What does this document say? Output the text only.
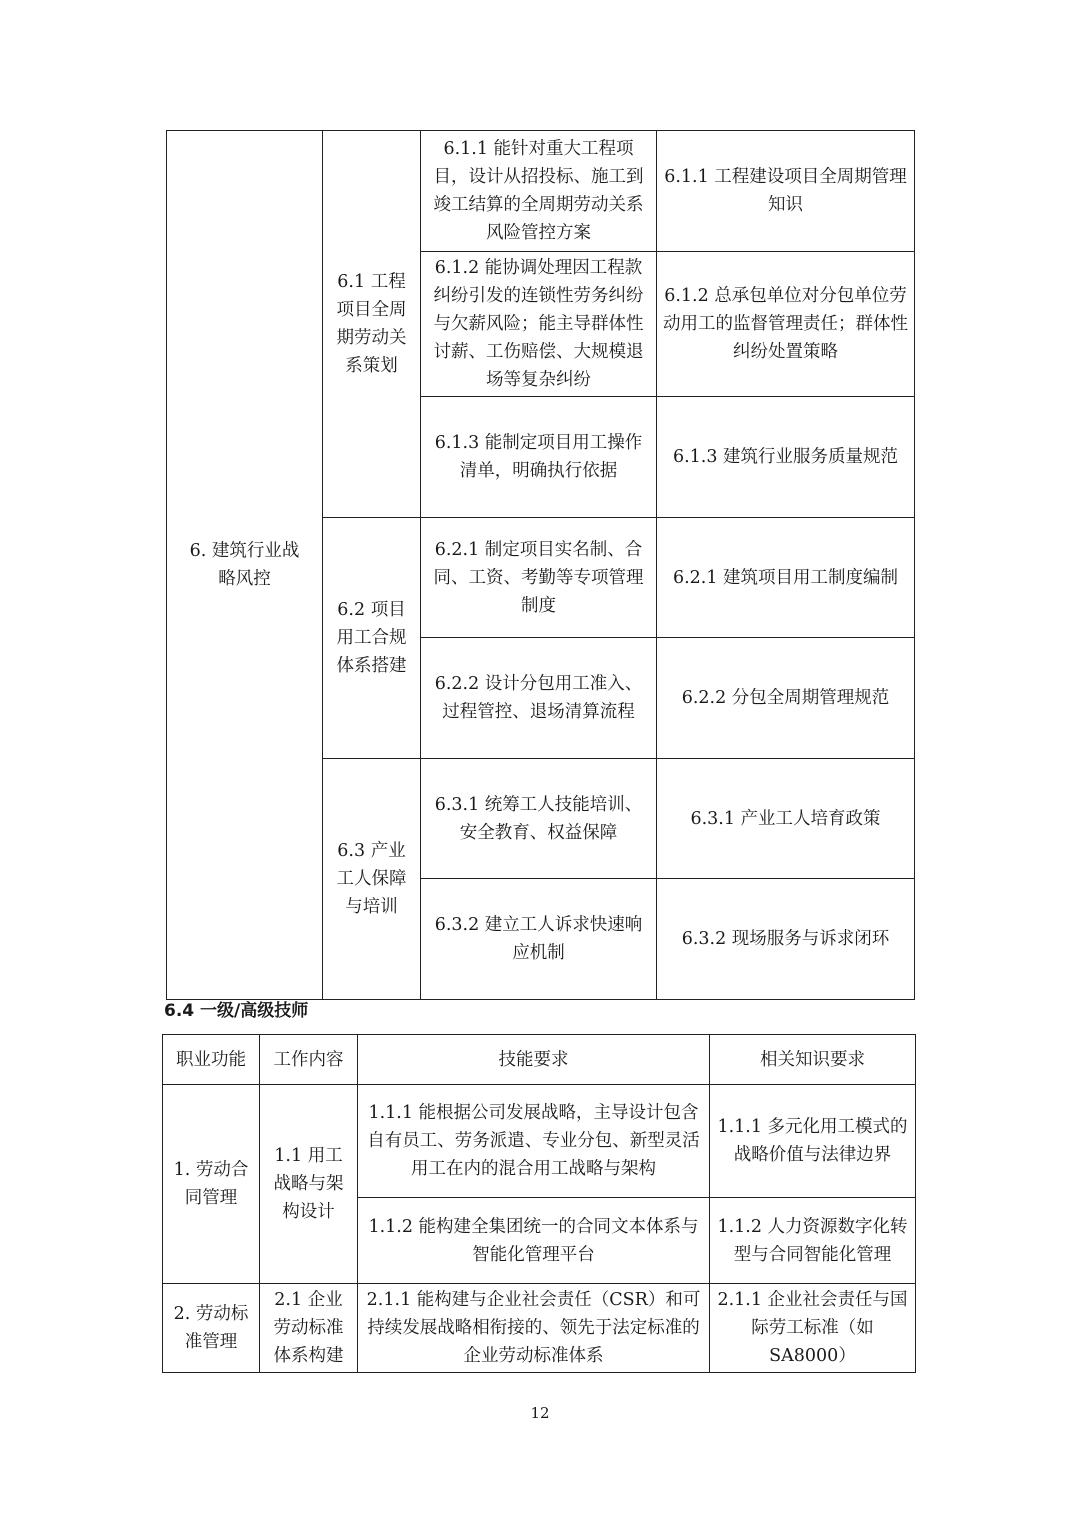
6. 建筑行业战略风控	6.1 工程项目全周期劳动关系策划	6.1.1 能针对重大工程项目，设计从招投标、施工到竣工结算的全周期劳动关系风险管控方案	6.1.1 工程建设项目全周期管理知识
		6.1.2 能协调处理因工程款纠纷引发的连锁性劳务纠纷与欠薪风险；能主导群体性讨薪、工伤赔偿、大规模退场等复杂纠纷	6.1.2 总承包单位对分包单位劳动用工的监督管理责任；群体性纠纷处置策略
		6.1.3 能制定项目用工操作清单，明确执行依据	6.1.3 建筑行业服务质量规范
	6.2 项目用工合规体系搭建	6.2.1 制定项目实名制、合同、工资、考勤等专项管理制度	6.2.1 建筑项目用工制度编制
		6.2.2 设计分包用工准入、过程管控、退场清算流程	6.2.2 分包全周期管理规范
	6.3 产业工人保障与培训	6.3.1 统筹工人技能培训、安全教育、权益保障	6.3.1 产业工人培育政策
		6.3.2 建立工人诉求快速响应机制	6.3.2 现场服务与诉求闭环
6.4 一级/高级技师
职业功能	工作内容	技能要求	相关知识要求
1. 劳动合同管理	1.1 用工战略与架构设计	1.1.1 能根据公司发展战略，主导设计包含自有员工、劳务派遣、专业分包、新型灵活用工在内的混合用工战略与架构	1.1.1 多元化用工模式的战略价值与法律边界
		1.1.2 能构建全集团统一的合同文本体系与智能化管理平台	1.1.2 人力资源数字化转型与合同智能化管理
2. 劳动标准管理	2.1 企业劳动标准体系构建	2.1.1 能构建与企业社会责任（CSR）和可持续发展战略相衔接的、领先于法定标准的企业劳动标准体系	2.1.1 企业社会责任与国际劳工标准（如SA8000）
12
